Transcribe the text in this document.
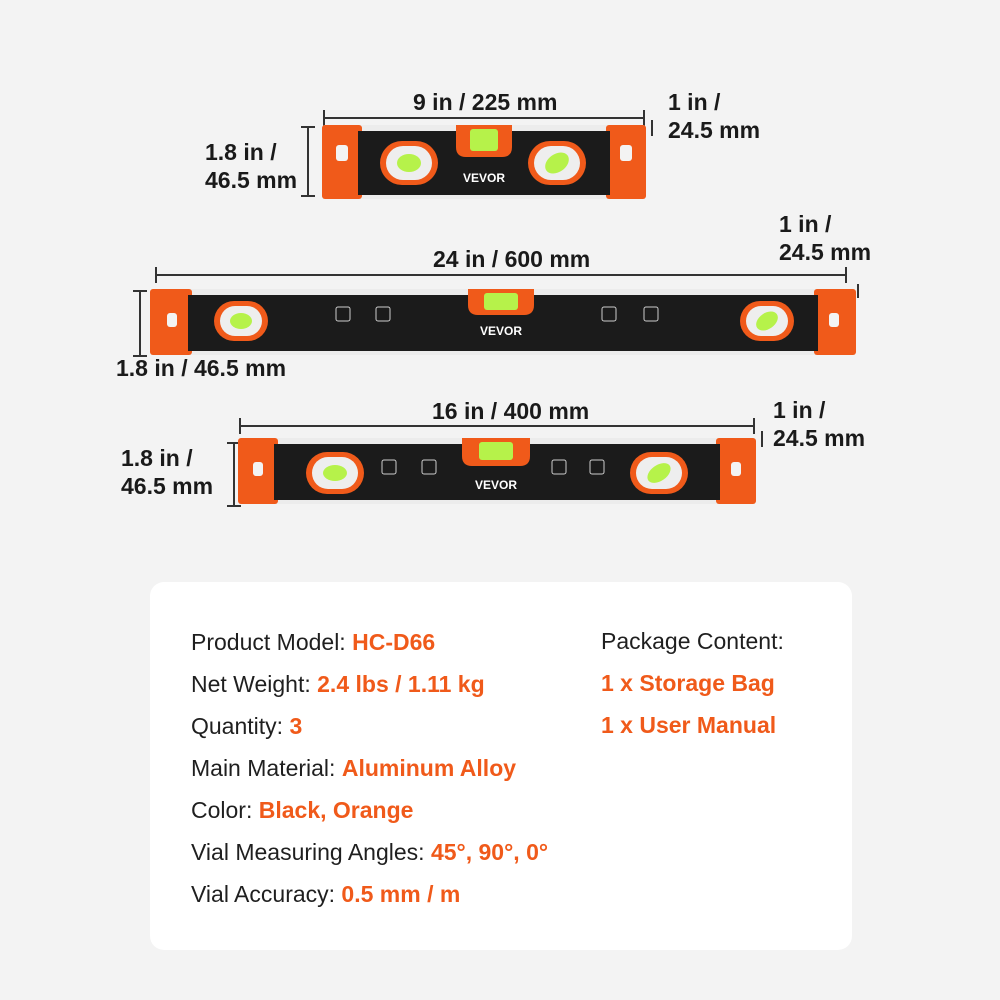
9 in / 225 mm
1.8 in /
46.5 mm
1 in /
24.5 mm
VEVOR
24 in / 600 mm
1.8 in / 46.5 mm
1 in /
24.5 mm
VEVOR
16 in / 400 mm
1.8 in /
46.5 mm
1 in /
24.5 mm
VEVOR
Product Model: HC-D66
Net Weight: 2.4 lbs / 1.11 kg
Quantity: 3
Main Material: Aluminum Alloy
Color: Black, Orange
Vial Measuring Angles: 45°, 90°, 0°
Vial Accuracy: 0.5 mm / m
Package Content:
1 x Storage Bag
1 x User Manual
